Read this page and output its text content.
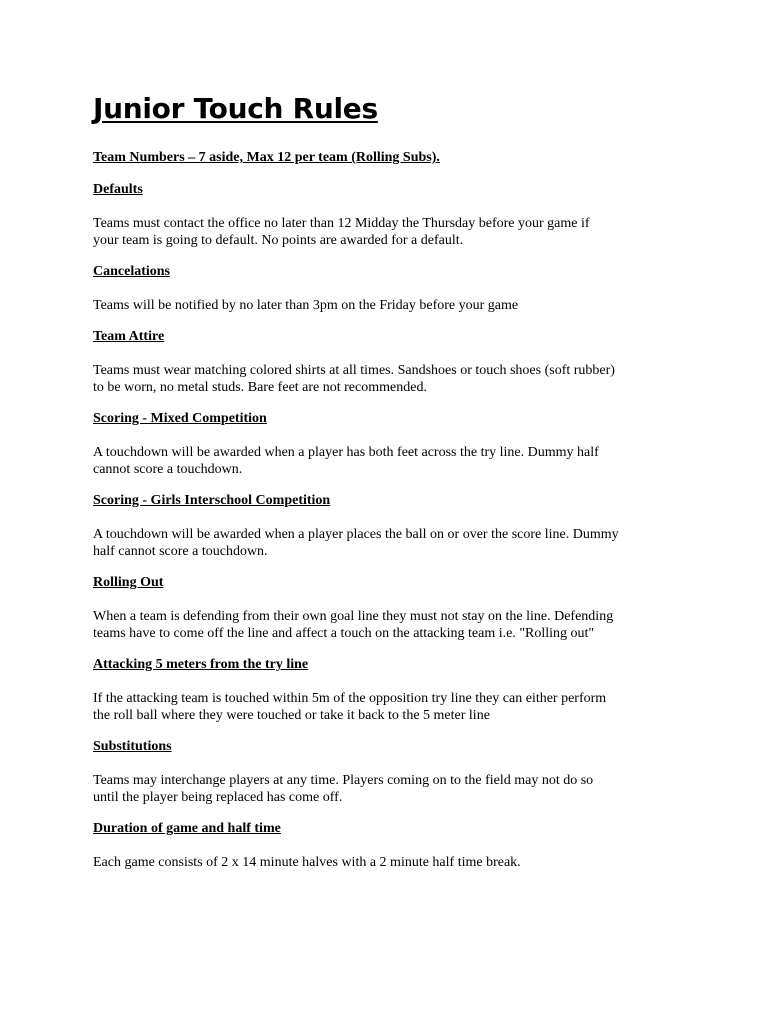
Junior Touch Rules
Team Numbers – 7 aside, Max 12 per team (Rolling Subs).
Defaults
Teams must contact the office no later than 12 Midday the Thursday before your game if
your team is going to default. No points are awarded for a default.
Cancelations
Teams will be notified by no later than 3pm on the Friday before your game
Team Attire
Teams must wear matching colored shirts at all times. Sandshoes or touch shoes (soft rubber)
to be worn, no metal studs. Bare feet are not recommended.
Scoring - Mixed Competition
A touchdown will be awarded when a player has both feet across the try line. Dummy half
cannot score a touchdown.
Scoring - Girls Interschool Competition
A touchdown will be awarded when a player places the ball on or over the score line. Dummy
half cannot score a touchdown.
Rolling Out
When a team is defending from their own goal line they must not stay on the line. Defending
teams have to come off the line and affect a touch on the attacking team i.e. "Rolling out"
Attacking 5 meters from the try line
If the attacking team is touched within 5m of the opposition try line they can either perform
the roll ball where they were touched or take it back to the 5 meter line
Substitutions
Teams may interchange players at any time. Players coming on to the field may not do so
until the player being replaced has come off.
Duration of game and half time
Each game consists of 2 x 14 minute halves with a 2 minute half time break.
